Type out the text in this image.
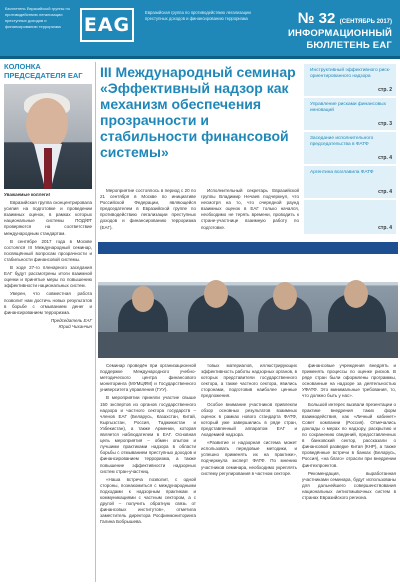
Бюллетень Евразийской группы по противодействию легализации преступных доходов и финансированию терроризма	EAG
Евразийская группа по противодействию легализации преступных доходов и финансированию терроризма	№ 32 (СЕНТЯБРЬ 2017)
ИНФОРМАЦИОННЫЙ
БЮЛЛЕТЕНЬ ЕАГ
КОЛОНКА
ПРЕДСЕДАТЕЛЯ ЕАГ

Уважаемые коллеги!

Евразийская группа сконцентрировала усилия на подготовке и проведении взаимных оценок, в рамках которых национальные системы ПОД/ФТ проверяются на соответствие международным стандартам.

В сентябре 2017 года в Москве состоялся III Международный семинар, посвящённый вопросам прозрачности и стабильности финансовой системы.

В ходе 27-го пленарного заседания ЕАГ будут рассмотрены итоги взаимной оценки и принятые меры по повышению эффективности национальных систем.

Уверен, что совместная работа позволит нам достичь новых результатов в борьбе с отмыванием денег и финансированием терроризма.

Председатель ЕАГ
Юрий Чиханчин
III Международный семинар «Эффективный надзор как механизм обеспечения прозрачности и стабильности финансовой системы»
Инструктивный эффективного риск-ориентированного надзора
стр. 2
Управление рисками финансовых инноваций
стр. 3
Заседание исполнительного председательства в ФАТФ
стр. 4
Аргентина возглавила ФАТФ
стр. 4
стр. 4

Мероприятие состоялось в период с 20 по 21 сентября в Москве по инициативе Российской Федерации, являющейся председателем в Евразийской группе по противодействию легализации преступных доходов и финансированию терроризма (ЕАГ).

Исполнительный секретарь Евразийской группы Владимир Нечаев подчеркнул, что несмотря на то, что очередной раунд взаимных оценок в ЕАГ только начался, необходимо не терять времени, проводить к стране-участнице взаимную работу по подготовке.

Семинар проведён при организационной поддержке Международного учебно-методического центра финансового мониторинга (МУМЦФМ) и Государственного университета управления (ГУУ).

В мероприятии приняли участие свыше 150 экспертов из органов государственного надзора и частного сектора государств – членов ЕАГ (Беларусь, Казахстан, Китай, Кыргызстан, Россия, Таджикистан и Узбекистан), а также Армении, которая является наблюдателем в ЕАГ. Основная цель мероприятия – обмен опытом и лучшими практиками надзора в области борьбы с отмыванием преступных доходов и финансированием терроризма, а также повышение эффективности надзорных систем стран-участниц.

«Наша встреча позволит, с одной стороны, познакомиться с международными подходами к надзорным практикам и коммуникациями с частным сектором, а с другой – получить обратную связь от финансовых институтов», отметила заместитель директора Росфинмониторинга Галина Бобрышева.

товых материалов, иллюстрирующих эффективность работы надзорных органов, в которых представители государственного сектора, а также частного сектора, явились сторонами, подготовив наиболее ценные предложения.

Особое внимание участников привлекли обзор основных результатов взаимных оценок в рамках нового стандарта ФАТФ, который уже завершились в ряде стран, представленный аппаратом ЕАГ и Академией надзора.

«Развитие и надзорная система может использовать передовые методики, и успешно применять их на практике», подчеркнула эксперт ФАТФ. По мнению участников семинара, необходимо укреплять систему регулирования в частном секторе.

финансовые учреждения внедрять и применять процессы по оценке рисков. В ряде стран были оформлены программы, основанные на надзоре за деятельностью УФАТФ. Это минимальные требования, то, что должно быть у нас».

Большой интерес вызвали презентации о практике внедрения таких форм взаимодействия, как «Личный кабинет» Совет компании (Россия). Отмечались доклады о мерах по надзору, раскрытию и по сохранению сведений, предоставленных в банковский сектор, рассказали о финансовой разведке Китая (КНР), а также проведённые встречи в банках (Беларусь, Россия), «на благо» отрасли при внедрении финтехпроектов.

Рекомендация, выработанная участниками семинара, будут использованы для дальнейшего совершенствования национальных антиотмывочных систем в странах Евразийского региона.
